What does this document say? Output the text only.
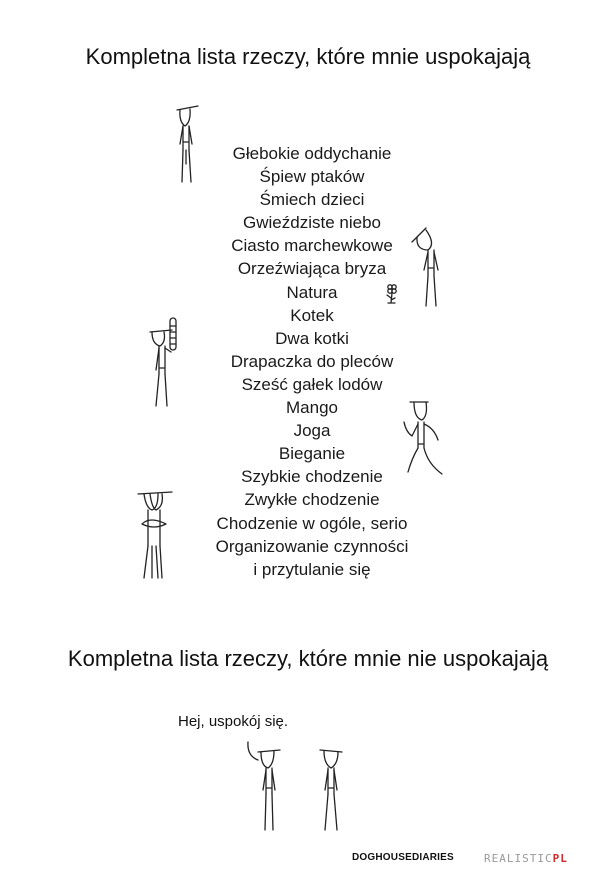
Kompletna lista rzeczy, które mnie uspokajają
Głebokie oddychanie
Śpiew ptaków
Śmiech dzieci
Gwieździste niebo
Ciasto marchewkowe
Orzeźwiająca bryza
Natura
Kotek
Dwa kotki
Drapaczka do pleców
Sześć gałek lodów
Mango
Joga
Bieganie
Szybkie chodzenie
Zwykłe chodzenie
Chodzenie w ogóle, serio
Organizowanie czynności
i przytulanie się
Kompletna lista rzeczy, które mnie nie uspokajają
Hej, uspokój się.
DOGHOUSEDIARIES	REALISTICPL
